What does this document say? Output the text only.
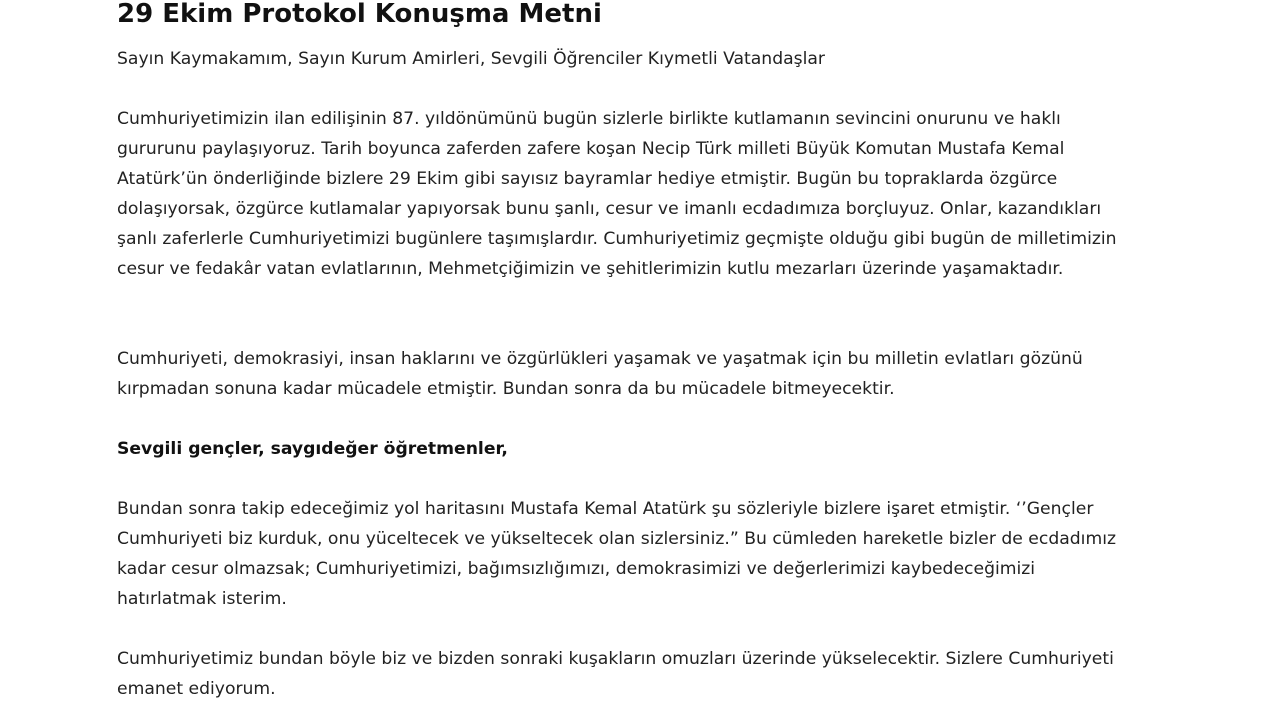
29 Ekim Protokol Konuşma Metni

Sayın Kaymakamım, Sayın Kurum Amirleri, Sevgili Öğrenciler Kıymetli Vatandaşlar

Cumhuriyetimizin ilan edilişinin 87. yıldönümünü bugün sizlerle birlikte kutlamanın sevincini onurunu ve haklı gururunu paylaşıyoruz. Tarih boyunca zaferden zafere koşan Necip Türk milleti Büyük Komutan Mustafa Kemal Atatürk’ün önderliğinde bizlere 29 Ekim gibi sayısız bayramlar hediye etmiştir. Bugün bu topraklarda özgürce dolaşıyorsak, özgürce kutlamalar yapıyorsak bunu şanlı, cesur ve imanlı ecdadımıza borçluyuz. Onlar, kazandıkları şanlı zaferlerle Cumhuriyetimizi bugünlere taşımışlardır. Cumhuriyetimiz geçmişte olduğu gibi bugün de milletimizin cesur ve fedakâr vatan evlatlarının, Mehmetçiğimizin ve şehitlerimizin kutlu mezarları üzerinde yaşamaktadır.

Cumhuriyeti, demokrasiyi, insan haklarını ve özgürlükleri yaşamak ve yaşatmak için bu milletin evlatları gözünü kırpmadan sonuna kadar mücadele etmiştir. Bundan sonra da bu mücadele bitmeyecektir.

Sevgili gençler, saygıdeğer öğretmenler,

Bundan sonra takip edeceğimiz yol haritasını Mustafa Kemal Atatürk şu sözleriyle bizlere işaret etmiştir. ‘’Gençler Cumhuriyeti biz kurduk, onu yüceltecek ve yükseltecek olan sizlersiniz.” Bu cümleden hareketle bizler de ecdadımız kadar cesur olmazsak; Cumhuriyetimizi, bağımsızlığımızı, demokrasimizi ve değerlerimizi kaybedeceğimizi hatırlatmak isterim.

Cumhuriyetimiz bundan böyle biz ve bizden sonraki kuşakların omuzları üzerinde yükselecektir. Sizlere Cumhuriyeti emanet ediyorum.
